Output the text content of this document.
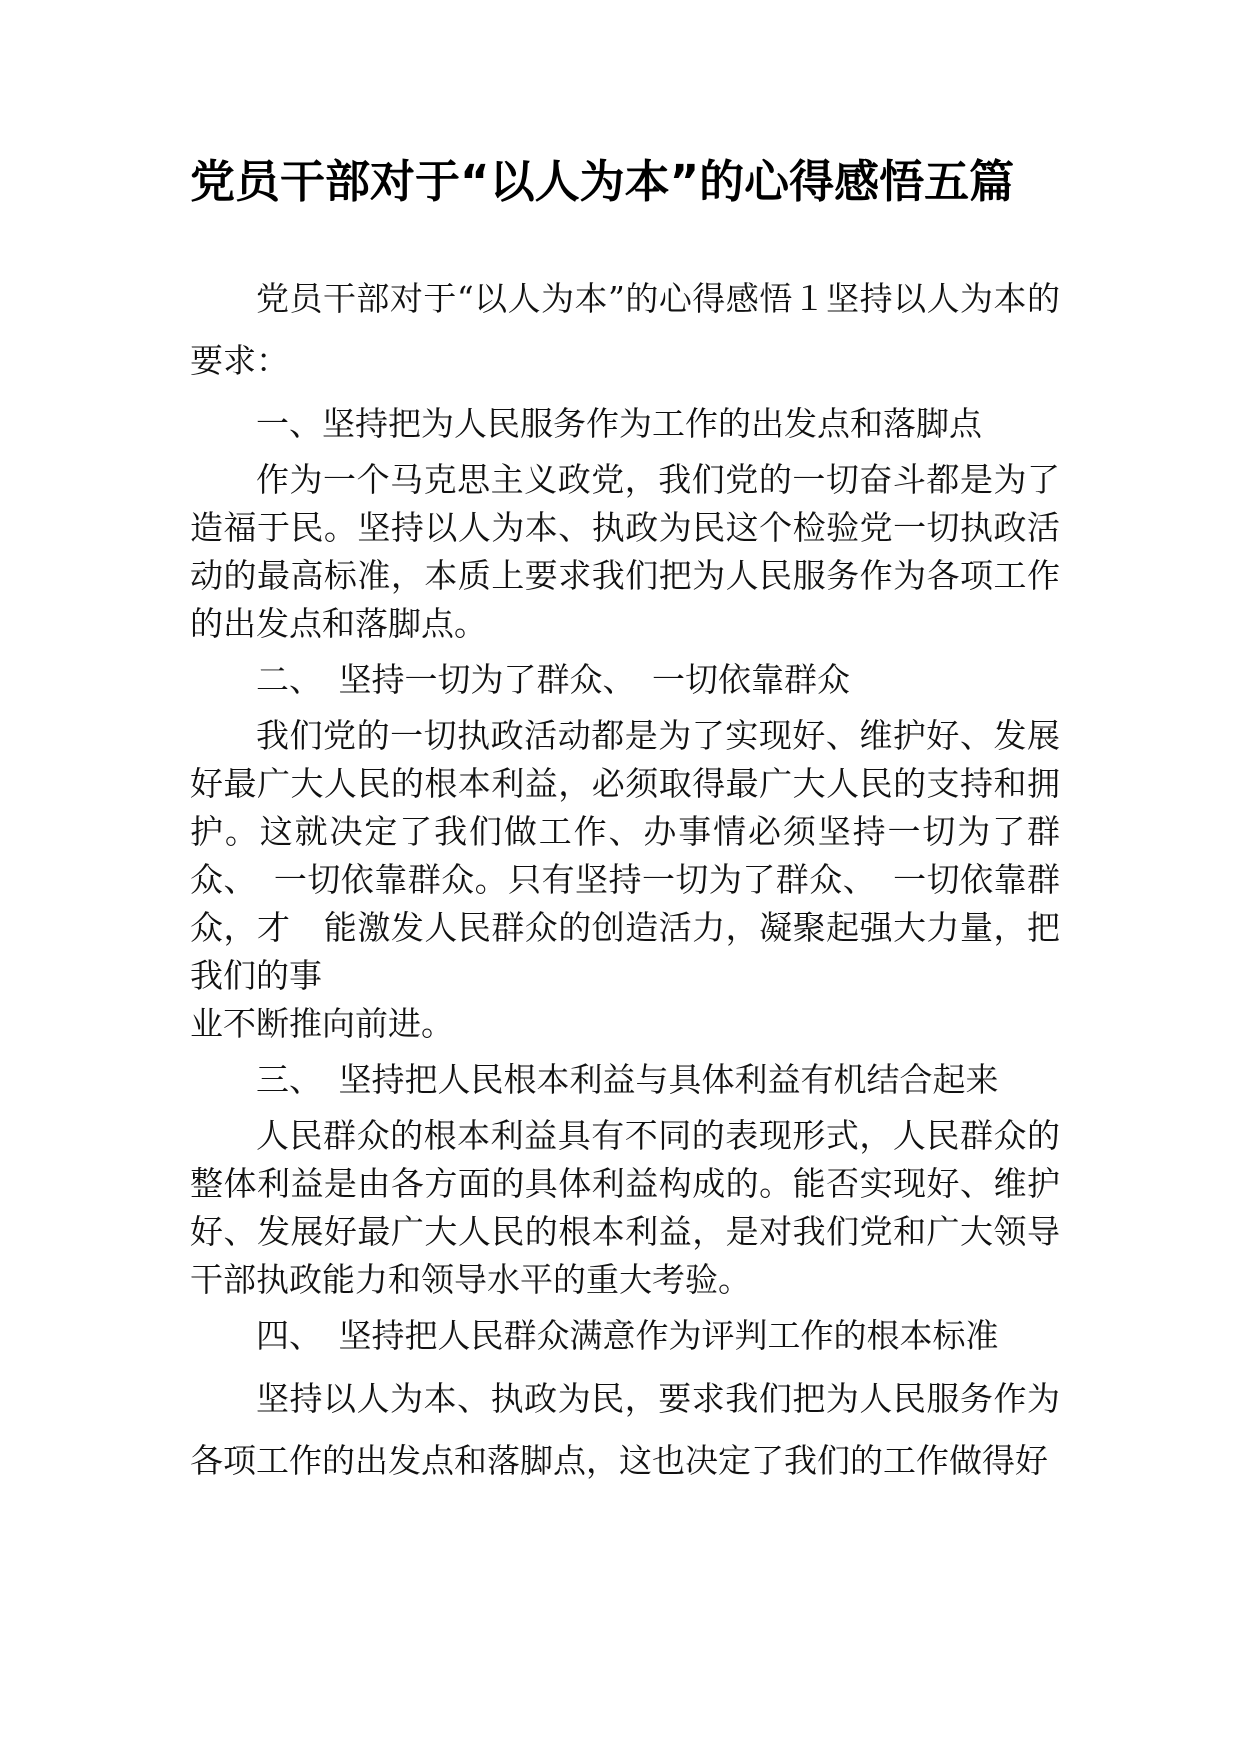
党员干部对于“以人为本”的心得感悟五篇

党员干部对于“以人为本”的心得感悟１坚持以人为本的要求：

一、坚持把为人民服务作为工作的出发点和落脚点

作为一个马克思主义政党，我们党的一切奋斗都是为了造福于民。坚持以人为本、执政为民这个检验党一切执政活动的最高标准，本质上要求我们把为人民服务作为各项工作的出发点和落脚点。

二、　坚持一切为了群众、　一切依靠群众

我们党的一切执政活动都是为了实现好、维护好、发展好最广大人民的根本利益，必须取得最广大人民的支持和拥护。这就决定了我们做工作、办事情必须坚持一切为了群众、　一切依靠群众。只有坚持一切为了群众、　一切依靠群众，才　能激发人民群众的创造活力，凝聚起强大力量，把我们的事

业不断推向前进。

三、　坚持把人民根本利益与具体利益有机结合起来

人民群众的根本利益具有不同的表现形式，人民群众的整体利益是由各方面的具体利益构成的。能否实现好、维护好、发展好最广大人民的根本利益，是对我们党和广大领导干部执政能力和领导水平的重大考验。

四、　坚持把人民群众满意作为评判工作的根本标准

坚持以人为本、执政为民，要求我们把为人民服务作为各项工作的出发点和落脚点，这也决定了我们的工作做得好
